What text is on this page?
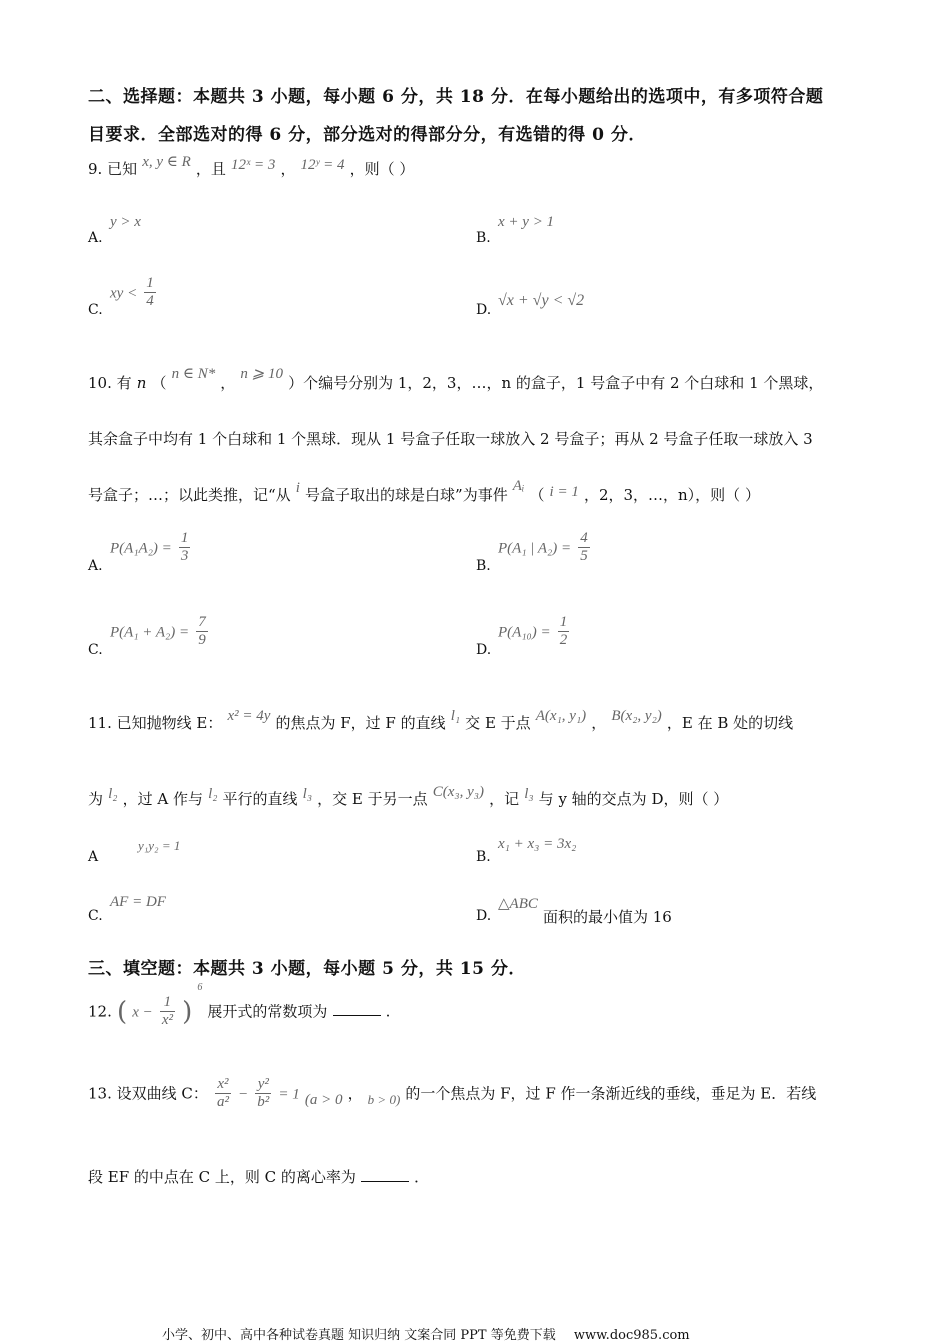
二、选择题：本题共 3 小题，每小题 6 分，共 18 分．在每小题给出的选项中，有多项符合题
目要求．全部选对的得 6 分，部分选对的得部分分，有选错的得 0 分．
9. 已知 x, y ∈ R ，且 12ˣ = 3 ， 12ʸ = 4 ，则（ ）
A.
y > x
B.
x + y > 1
C.
xy < $\frac{1}{4}$	D.
√x + √y < √2
10. 有 n （ n ∈ N* ， n ⩾ 10 ）个编号分别为 1，2，3，…，n 的盒子，1 号盒子中有 2 个白球和 1 个黑球，
其余盒子中均有 1 个白球和 1 个黑球．现从 1 号盒子任取一球放入 2 号盒子；再从 2 号盒子任取一球放入 3
号盒子；…；以此类推，记“从 i 号盒子取出的球是白球”为事件 Aᵢ （ i = 1 ，2，3，…，n），则（ ）
A.
$P(A_1A_2) = \frac{1}{3}$
B.
P(A₁ | $A_2) = \frac{4}{5}$
C.
$P(A_1 + A_2) = \frac{7}{9}$
D.
$P(A_{10}) = \frac{1}{2}$
11. 已知抛物线 E： x² = 4y 的焦点为 F，过 F 的直线 l₁ 交 E 于点 A(x₁, y₁) ， B(x₂, y₂) ，E 在 B 处的切线
为 l₂ ，过 A 作与 l₂ 平行的直线 l₃ ，交 E 于另一点 C(x₃, y₃) ，记 l₃ 与 y 轴的交点为 D，则（ ）
A
y₁y₂ = 1
B.
x₁ + x₃ = 3x₂
C.
AF = DF
D.
△ABC 面积的最小值为 16
三、填空题：本题共 3 小题，每小题 5 分，共 15 分．
12. ( $x - \frac{1}{\text{x²}}$ ) $^6$ 展开式的常数项为	.
13. 设双曲线 C： $\frac{\text{x²}}{\text{a²}} - \frac{\text{y²}}{\text{b²}} = 1$ (a > 0 ， $_{b > 0)}$ 的一个焦点为 F，过 F 作一条渐近线的垂线，垂足为 E．若线
段 EF 的中点在 C 上，则 C 的离心率为	．
小学、初中、高中各种试卷真题 知识归纳 文案合同 PPT 等免费下载 www.doc985.com
